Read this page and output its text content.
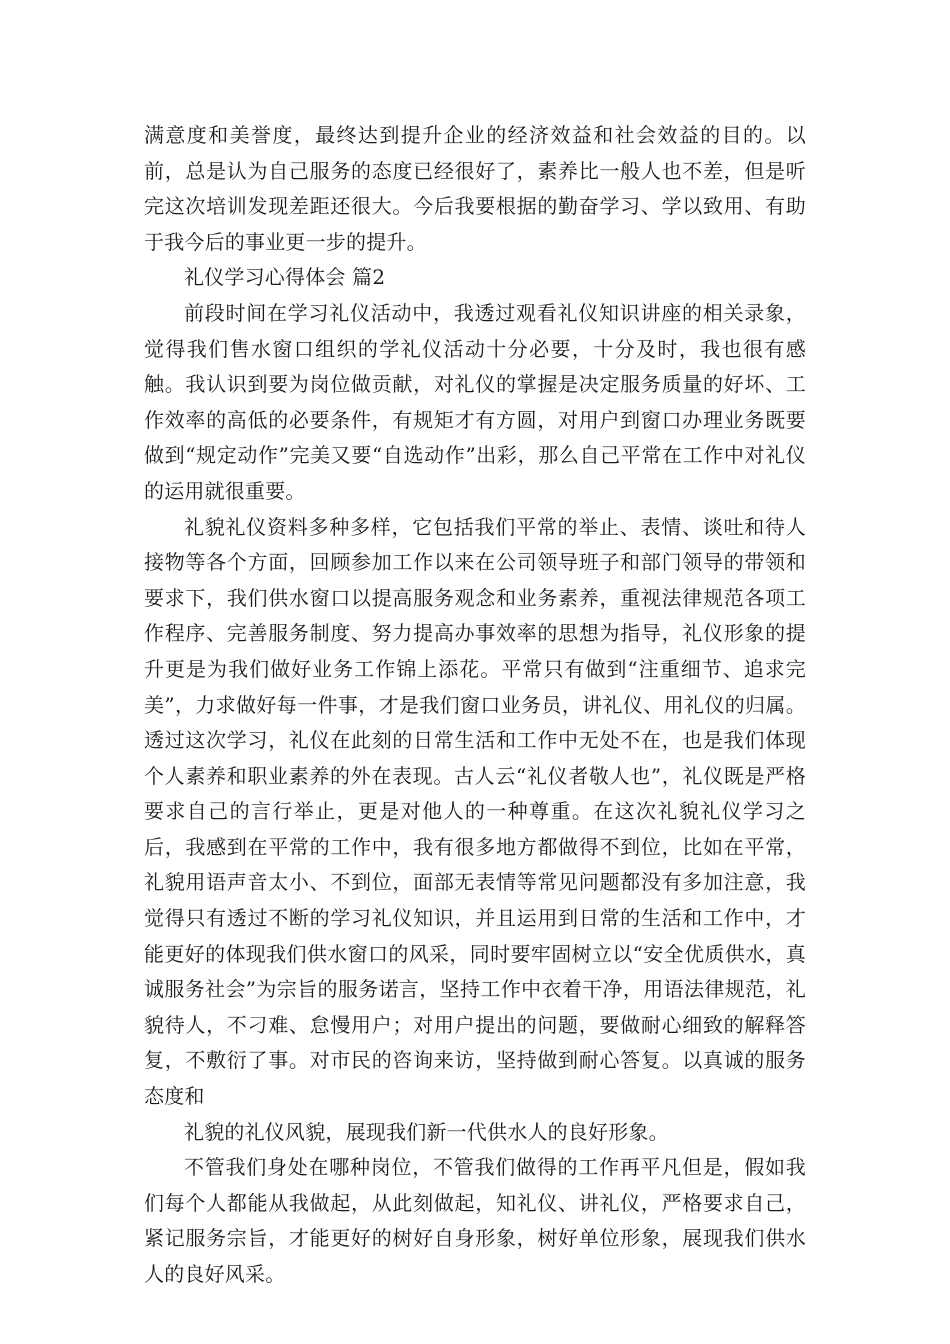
满意度和美誉度，最终达到提升企业的经济效益和社会效益的目的。以前，总是认为自己服务的态度已经很好了，素养比一般人也不差，但是听完这次培训发现差距还很大。今后我要根据的勤奋学习、学以致用、有助于我今后的事业更一步的提升。

礼仪学习心得体会 篇2

前段时间在学习礼仪活动中，我透过观看礼仪知识讲座的相关录象，觉得我们售水窗口组织的学礼仪活动十分必要，十分及时，我也很有感触。我认识到要为岗位做贡献，对礼仪的掌握是决定服务质量的好坏、工作效率的高低的必要条件，有规矩才有方圆，对用户到窗口办理业务既要做到“规定动作”完美又要“自选动作”出彩，那么自己平常在工作中对礼仪的运用就很重要。

礼貌礼仪资料多种多样，它包括我们平常的举止、表情、谈吐和待人接物等各个方面，回顾参加工作以来在公司领导班子和部门领导的带领和要求下，我们供水窗口以提高服务观念和业务素养，重视法律规范各项工作程序、完善服务制度、努力提高办事效率的思想为指导，礼仪形象的提升更是为我们做好业务工作锦上添花。平常只有做到“注重细节、追求完美”，力求做好每一件事，才是我们窗口业务员，讲礼仪、用礼仪的归属。透过这次学习，礼仪在此刻的日常生活和工作中无处不在，也是我们体现个人素养和职业素养的外在表现。古人云“礼仪者敬人也”，礼仪既是严格要求自己的言行举止，更是对他人的一种尊重。在这次礼貌礼仪学习之后，我感到在平常的工作中，我有很多地方都做得不到位，比如在平常，礼貌用语声音太小、不到位，面部无表情等常见问题都没有多加注意，我觉得只有透过不断的学习礼仪知识，并且运用到日常的生活和工作中，才能更好的体现我们供水窗口的风采，同时要牢固树立以“安全优质供水，真诚服务社会”为宗旨的服务诺言，坚持工作中衣着干净，用语法律规范，礼貌待人，不刁难、怠慢用户；对用户提出的问题，要做耐心细致的解释答复，不敷衍了事。对市民的咨询来访，坚持做到耐心答复。以真诚的服务态度和

礼貌的礼仪风貌，展现我们新一代供水人的良好形象。

不管我们身处在哪种岗位，不管我们做得的工作再平凡但是，假如我们每个人都能从我做起，从此刻做起，知礼仪、讲礼仪，严格要求自己，紧记服务宗旨，才能更好的树好自身形象，树好单位形象，展现我们供水人的良好风采。
